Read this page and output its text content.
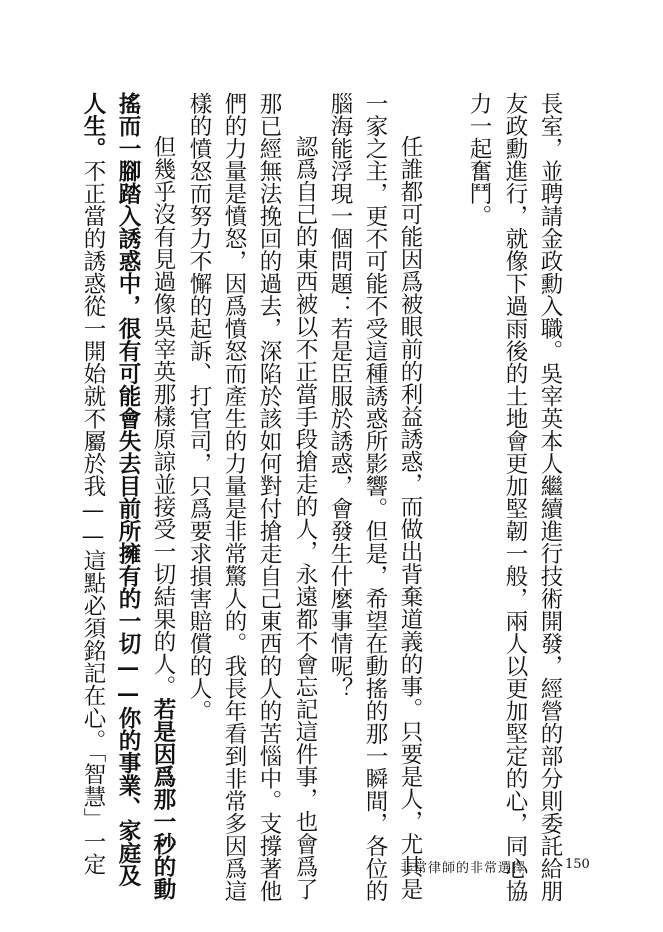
長室，並聘請金政勳入職。吳宰英本人繼續進行技術開發，經營的部分則委託給朋
友政勳進行，就像下過雨後的土地會更加堅韌一般，兩人以更加堅定的心，同心協
力一起奮鬥。
任誰都可能因爲被眼前的利益誘惑，而做出背棄道義的事。只要是人，尤其是
一家之主，更不可能不受這種誘惑所影響。但是，希望在動搖的那一瞬間，各位的
腦海能浮現一個問題：若是臣服於誘惑，會發生什麼事情呢？
認爲自己的東西被以不正當手段搶走的人，永遠都不會忘記這件事，也會爲了
那已經無法挽回的過去，深陷於該如何對付搶走自己東西的人的苦惱中。支撐著他
們的力量是憤怒，因爲憤怒而產生的力量是非常驚人的。我長年看到非常多因爲這
樣的憤怒而努力不懈的起訴、打官司，只爲要求損害賠償的人。
但幾乎沒有見過像吳宰英那樣原諒並接受一切結果的人。若是因爲那一秒的動
搖而一腳踏入誘惑中，很有可能會失去目前所擁有的一切——你的事業、家庭及
人生。不正當的誘惑從一開始就不屬於我——這點必須銘記在心。「智慧」一定	非常律師的非常選擇	150
